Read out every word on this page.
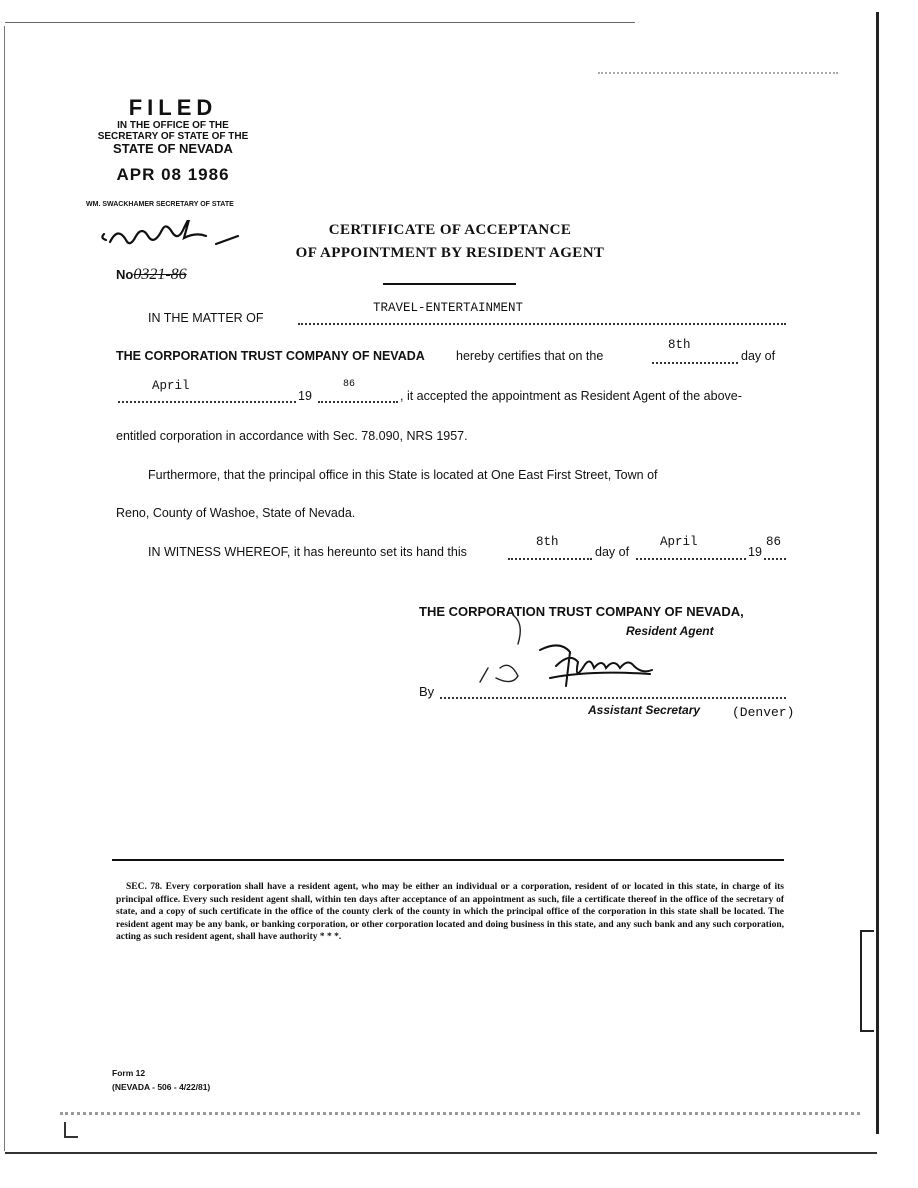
FILED
IN THE OFFICE OF THE
SECRETARY OF STATE OF THE
STATE OF NEVADA
APR 08 1986
WM. SWACKHAMER SECRETARY OF STATE
No0321-86
CERTIFICATE OF ACCEPTANCE
OF APPOINTMENT BY RESIDENT AGENT
IN THE MATTER OF
TRAVEL-ENTERTAINMENT
THE CORPORATION TRUST COMPANY OF NEVADA hereby certifies that on the
8th
day of
April
19
86
, it accepted the appointment as Resident Agent of the above-
entitled corporation in accordance with Sec. 78.090, NRS 1957.
Furthermore, that the principal office in this State is located at One East First Street, Town of
Reno, County of Washoe, State of Nevada.
IN WITNESS WHEREOF, it has hereunto set its hand this
8th
day of
April
19
86
THE CORPORATION TRUST COMPANY OF NEVADA,
Resident Agent
By
Assistant Secretary (Denver)
SEC. 78. Every corporation shall have a resident agent, who may be either an individual or a corporation, resident of or located in this state, in charge of its principal office. Every such resident agent shall, within ten days after acceptance of an appointment as such, file a certificate thereof in the office of the secretary of state, and a copy of such certificate in the office of the county clerk of the county in which the principal office of the corporation in this state shall be located. The resident agent may be any bank, or banking corporation, or other corporation located and doing business in this state, and any such bank and any such corporation, acting as such resident agent, shall have authority * * *.
Form 12
(NEVADA - 506 - 4/22/81)
